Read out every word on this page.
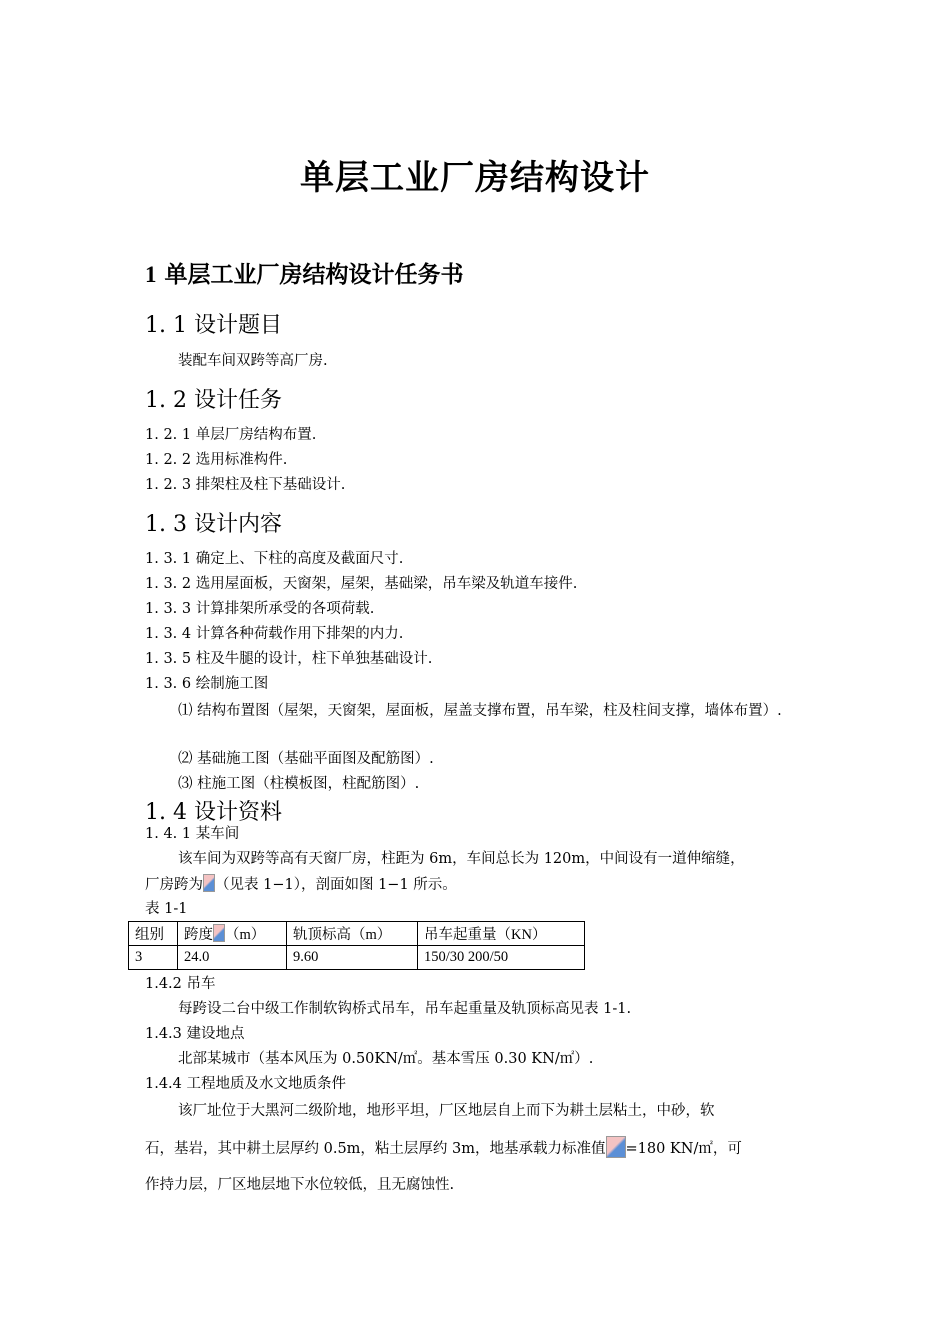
单层工业厂房结构设计
1 单层工业厂房结构设计任务书
1. 1 设计题目
装配车间双跨等高厂房.
1. 2 设计任务
1. 2. 1 单层厂房结构布置.
1. 2. 2 选用标准构件.
1. 2. 3 排架柱及柱下基础设计.
1. 3 设计内容
1. 3. 1 确定上、下柱的高度及截面尺寸.
1. 3. 2 选用屋面板，天窗架，屋架，基础梁，吊车梁及轨道车接件.
1. 3. 3 计算排架所承受的各项荷载.
1. 3. 4 计算各种荷载作用下排架的内力.
1. 3. 5 柱及牛腿的设计，柱下单独基础设计.
1. 3. 6 绘制施工图
⑴ 结构布置图（屋架，天窗架，屋面板，屋盖支撑布置，吊车梁，柱及柱间支撑，墙体布置）.
⑵ 基础施工图（基础平面图及配筋图）.
⑶ 柱施工图（柱模板图，柱配筋图）.
1. 4 设计资料
1. 4. 1 某车间
该车间为双跨等高有天窗厂房，柱距为 6m，车间总长为 120m，中间设有一道伸缩缝，
厂房跨为 （见表 1−1），剖面如图 1−1 所示。
表 1-1
组别	跨度 （m）	轨顶标高（m）	吊车起重量（KN）
3	24.0	9.60	150/30 200/50
1.4.2 吊车
每跨设二台中级工作制软钩桥式吊车，吊车起重量及轨顶标高见表 1-1.
1.4.3 建设地点
北部某城市（基本风压为 0.50KN/㎡。基本雪压 0.30 KN/㎡）.
1.4.4 工程地质及水文地质条件
该厂址位于大黑河二级阶地，地形平坦，厂区地层自上而下为耕土层粘土，中砂，软
石，基岩，其中耕土层厚约 0.5m，粘土层厚约 3m，地基承载力标准值 =180 KN/㎡，可
作持力层，厂区地层地下水位较低，且无腐蚀性.
